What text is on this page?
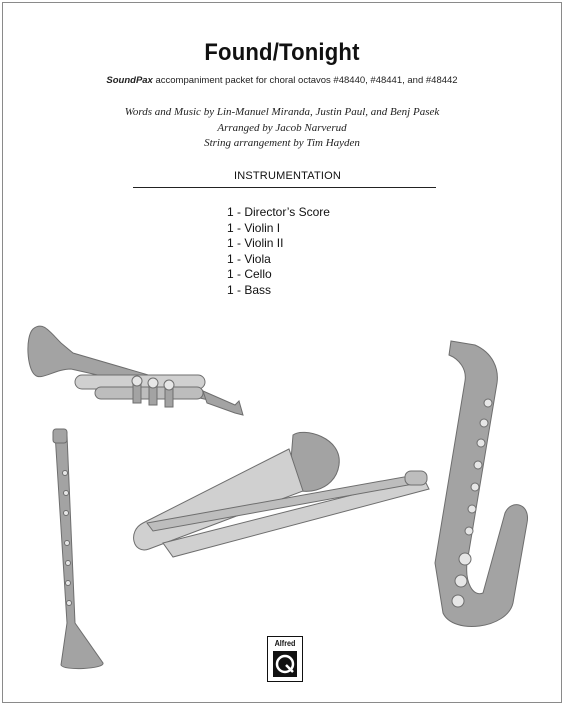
Found/Tonight
SoundPax accompaniment packet for choral octavos #48440, #48441, and #48442
Words and Music by Lin-Manuel Miranda, Justin Paul, and Benj Pasek
Arranged by Jacob Narverud
String arrangement by Tim Hayden
INSTRUMENTATION
1 - Director’s Score
1 - Violin I
1 - Violin II
1 - Viola
1 - Cello
1 - Bass
Alfred
